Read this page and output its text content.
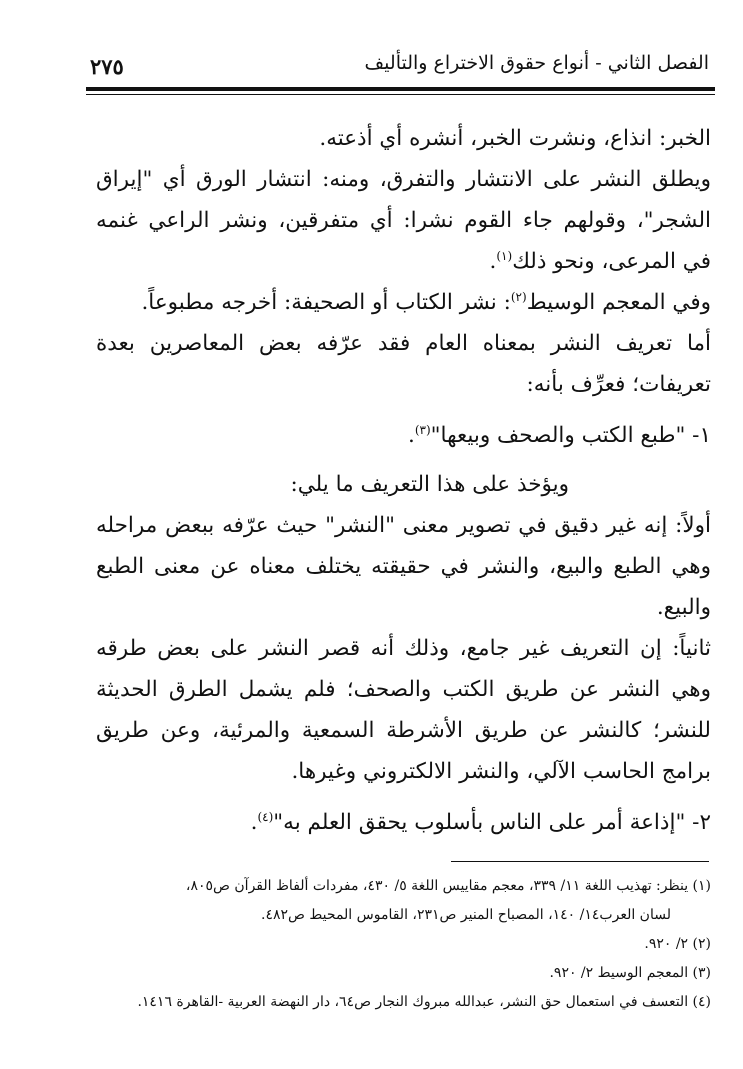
الفصل الثاني - أنواع حقوق الاختراع والتأليف
٢٧٥

الخبر: انذاع، ونشرت الخبر، أنشره أي أذعته.

ويطلق النشر على الانتشار والتفرق، ومنه: انتشار الورق أي "إيراق الشجر"، وقولهم جاء القوم نشرا: أي متفرقين، ونشر الراعي غنمه في المرعى، ونحو ذلك$^{(١)}$.

وفي المعجم الوسيط$^{(٢)}$: نشر الكتاب أو الصحيفة: أخرجه مطبوعاً.

أما تعريف النشر بمعناه العام فقد عرّفه بعض المعاصرين بعدة تعريفات؛ فعرِّف بأنه:

١- "طبع الكتب والصحف وبيعها"$^{(٣)}$.

ويؤخذ على هذا التعريف ما يلي:

أولاً: إنه غير دقيق في تصوير معنى "النشر" حيث عرّفه ببعض مراحله وهي الطبع والبيع، والنشر في حقيقته يختلف معناه عن معنى الطبع والبيع.

ثانياً: إن التعريف غير جامع، وذلك أنه قصر النشر على بعض طرقه وهي النشر عن طريق الكتب والصحف؛ فلم يشمل الطرق الحديثة للنشر؛ كالنشر عن طريق الأشرطة السمعية والمرئية، وعن طريق برامج الحاسب الآلي، والنشر الالكتروني وغيرها.

٢- "إذاعة أمر على الناس بأسلوب يحقق العلم به"$^{(٤)}$.

(١) ينظر: تهذيب اللغة ١١/ ٣٣٩، معجم مقاييس اللغة ٥/ ٤٣٠، مفردات ألفاظ القرآن ص٨٠٥،

لسان العرب١٤/ ١٤٠، المصباح المنير ص٢٣١، القاموس المحيط ص٤٨٢.

(٢) ٢/ ٩٢٠.

(٣) المعجم الوسيط ٢/ ٩٢٠.

(٤) التعسف في استعمال حق النشر، عبدالله مبروك النجار ص٦٤، دار النهضة العربية -القاهرة ١٤١٦.
